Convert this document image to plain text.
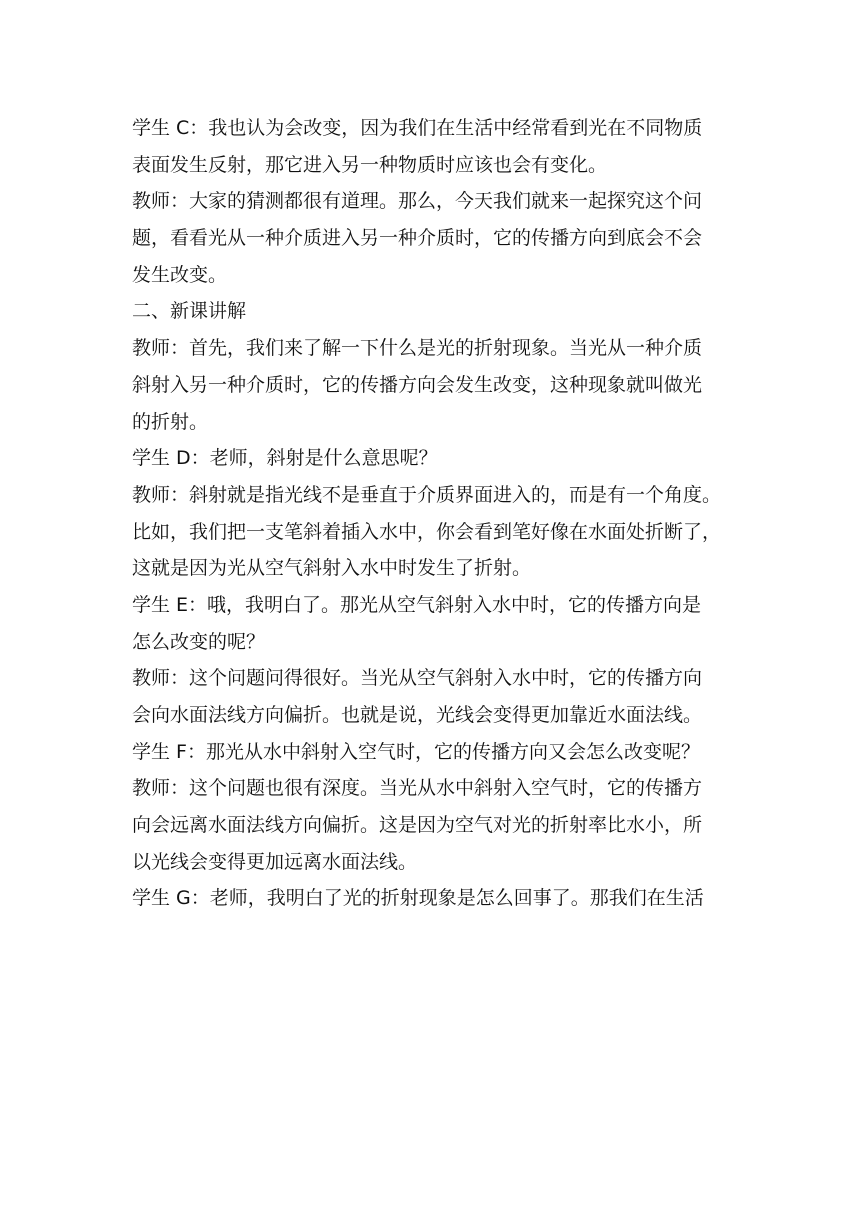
学生 C：我也认为会改变，因为我们在生活中经常看到光在不同物质
表面发生反射，那它进入另一种物质时应该也会有变化。
教师：大家的猜测都很有道理。那么，今天我们就来一起探究这个问
题，看看光从一种介质进入另一种介质时，它的传播方向到底会不会
发生改变。
二、新课讲解
教师：首先，我们来了解一下什么是光的折射现象。当光从一种介质
斜射入另一种介质时，它的传播方向会发生改变，这种现象就叫做光
的折射。
学生 D：老师，斜射是什么意思呢？
教师：斜射就是指光线不是垂直于介质界面进入的，而是有一个角度。
比如，我们把一支笔斜着插入水中，你会看到笔好像在水面处折断了，
这就是因为光从空气斜射入水中时发生了折射。
学生 E：哦，我明白了。那光从空气斜射入水中时，它的传播方向是
怎么改变的呢？
教师：这个问题问得很好。当光从空气斜射入水中时，它的传播方向
会向水面法线方向偏折。也就是说，光线会变得更加靠近水面法线。
学生 F：那光从水中斜射入空气时，它的传播方向又会怎么改变呢？
教师：这个问题也很有深度。当光从水中斜射入空气时，它的传播方
向会远离水面法线方向偏折。这是因为空气对光的折射率比水小，所
以光线会变得更加远离水面法线。
学生 G：老师，我明白了光的折射现象是怎么回事了。那我们在生活
